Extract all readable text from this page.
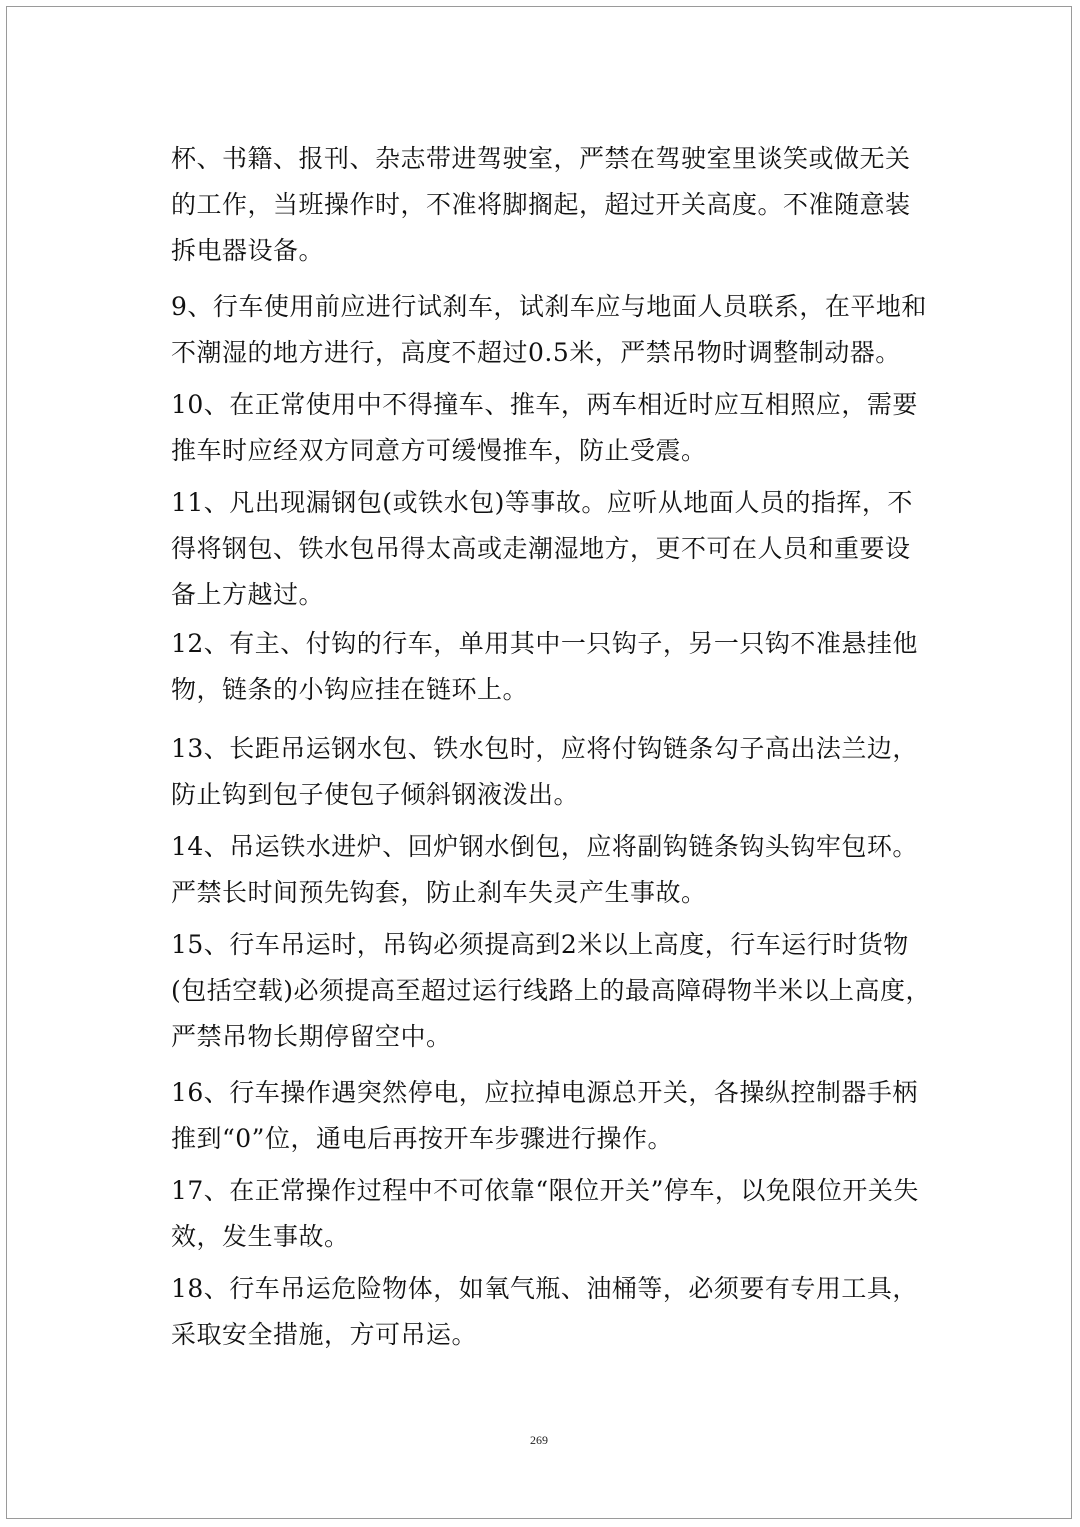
杯、书籍、报刊、杂志带进驾驶室，严禁在驾驶室里谈笑或做无关的工作，当班操作时，不准将脚搁起，超过开关高度。不准随意装拆电器设备。

9、行车使用前应进行试刹车，试刹车应与地面人员联系，在平地和不潮湿的地方进行，高度不超过0.5米，严禁吊物时调整制动器。

10、在正常使用中不得撞车、推车，两车相近时应互相照应，需要推车时应经双方同意方可缓慢推车，防止受震。

11、凡出现漏钢包(或铁水包)等事故。应听从地面人员的指挥，不得将钢包、铁水包吊得太高或走潮湿地方，更不可在人员和重要设备上方越过。

12、有主、付钩的行车，单用其中一只钩子，另一只钩不准悬挂他物，链条的小钩应挂在链环上。

13、长距吊运钢水包、铁水包时，应将付钩链条勾子高出法兰边，防止钩到包子使包子倾斜钢液泼出。

14、吊运铁水进炉、回炉钢水倒包，应将副钩链条钩头钩牢包环。严禁长时间预先钩套，防止刹车失灵产生事故。

15、行车吊运时，吊钩必须提高到2米以上高度，行车运行时货物(包括空载)必须提高至超过运行线路上的最高障碍物半米以上高度，严禁吊物长期停留空中。

16、行车操作遇突然停电，应拉掉电源总开关，各操纵控制器手柄推到“0”位，通电后再按开车步骤进行操作。

17、在正常操作过程中不可依靠“限位开关”停车，以免限位开关失效，发生事故。

18、行车吊运危险物体，如氧气瓶、油桶等，必须要有专用工具，采取安全措施，方可吊运。

269
